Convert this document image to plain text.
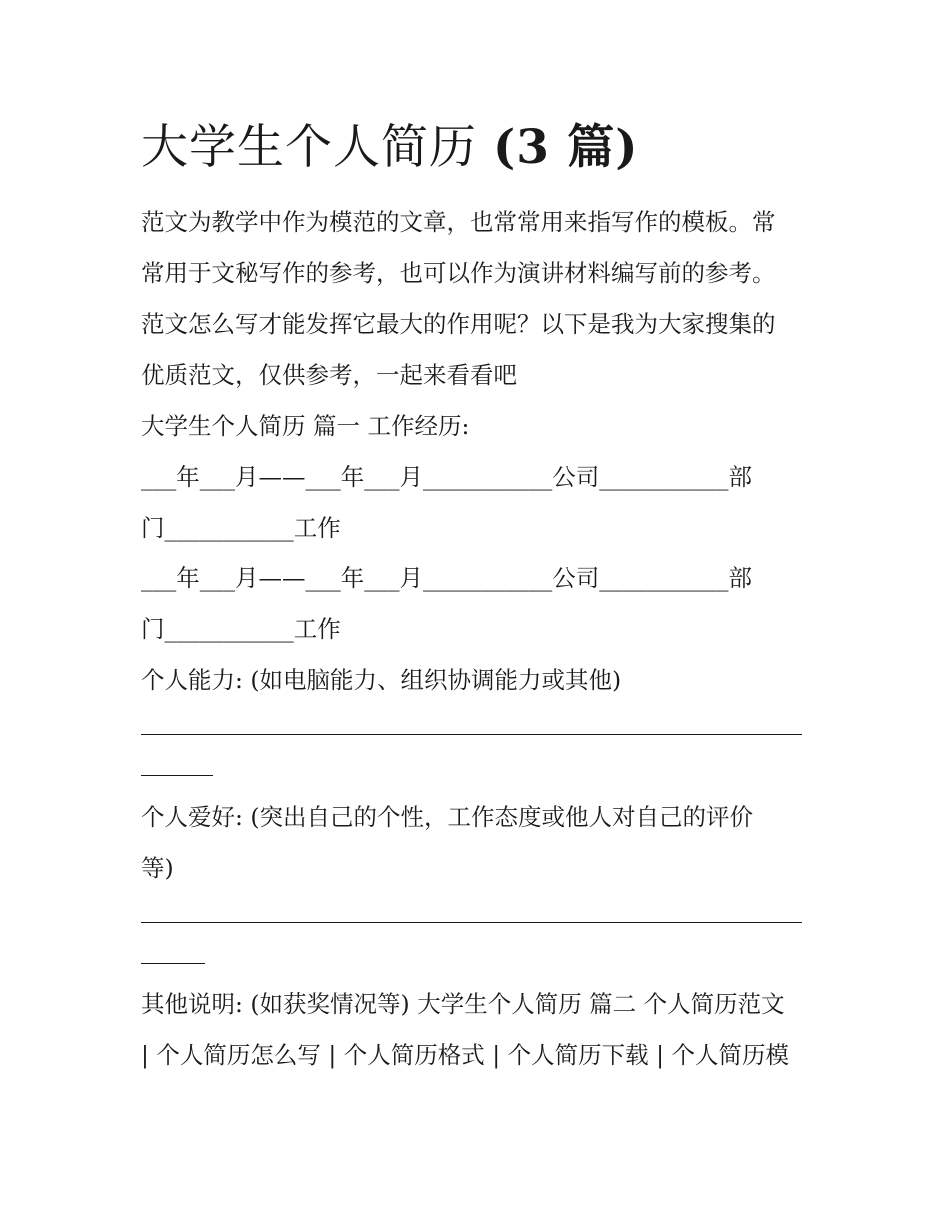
大学生个人简历 (3 篇)

范文为教学中作为模范的文章，也常常用来指写作的模板。常

常用于文秘写作的参考，也可以作为演讲材料编写前的参考。

范文怎么写才能发挥它最大的作用呢？以下是我为大家搜集的

优质范文，仅供参考，一起来看看吧

大学生个人简历 篇一 工作经历:

___年___月——___年___月___________公司___________部

门___________工作

___年___月——___年___月___________公司___________部

门___________工作

个人能力: (如电脑能力、组织协调能力或其他)

个人爱好: (突出自己的个性，工作态度或他人对自己的评价

等)

其他说明: (如获奖情况等) 大学生个人简历 篇二 个人简历范文

| 个人简历怎么写 | 个人简历格式 | 个人简历下载 | 个人简历模
